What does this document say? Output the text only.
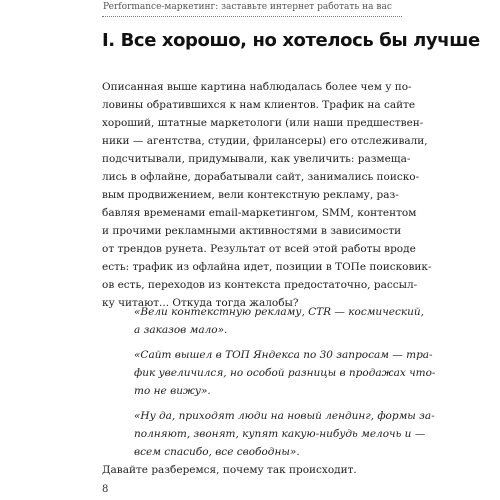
Performance-маркетинг: заставьте интернет работать на вас

I. Все хорошо, но хотелось бы лучше

Описанная выше картина наблюдалась более чем у по-

ловины обратившихся к нам клиентов. Трафик на сайте

хороший, штатные маркетологи (или наши предшествен-

ники — агентства, студии, фрилансеры) его отслеживали,

подсчитывали, придумывали, как увеличить: размеща-

лись в офлайне, дорабатывали сайт, занимались поиско-

вым продвижением, вели контекстную рекламу, раз-

бавляя временами email-маркетингом, SMM, контентом

и прочими рекламными активностями в зависимости

от трендов рунета. Результат от всей этой работы вроде

есть: трафик из офлайна идет, позиции в ТОПе поисковик-

ов есть, переходов из контекста предостаточно, рассыл-

ку читают... Откуда тогда жалобы?

«Вели контекстную рекламу, CTR — космический,

а заказов мало».

«Сайт вышел в ТОП Яндекса по 30 запросам — тра-

фик увеличился, но особой разницы в продажах что-

то не вижу».

«Ну да, приходят люди на новый лендинг, формы за-

полняют, звонят, купят какую-нибудь мелочь и —

всем спасибо, все свободны».

Давайте разберемся, почему так происходит.

8
